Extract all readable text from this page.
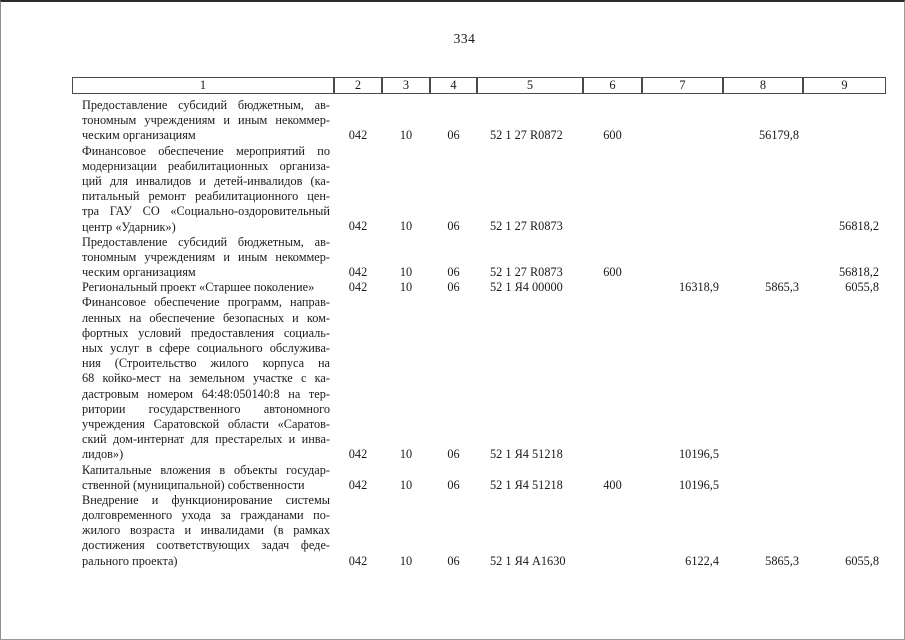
334
1	2	3	4	5	6	7	8	9

Предоставление субсидий бюджетным, ав-
тономным учреждениям и иным некоммер-
ческим организациям	042	10	06	52 1 27 R0872	600		56179,8	

Финансовое обеспечение мероприятий по
модернизации реабилитационных организа-
ций для инвалидов и детей-инвалидов (ка-
питальный ремонт реабилитационного цен-
тра ГАУ СО «Социально-оздоровительный
центр «Ударник»)	042	10	06	52 1 27 R0873				56818,2

Предоставление субсидий бюджетным, ав-
тономным учреждениям и иным некоммер-
ческим организациям	042	10	06	52 1 27 R0873	600			56818,2

Региональный проект «Старшее поколение»	042	10	06	52 1 Я4 00000		16318,9	5865,3	6055,8

Финансовое обеспечение программ, направ-
ленных на обеспечение безопасных и ком-
фортных условий предоставления социаль-
ных услуг в сфере социального обслужива-
ния (Строительство жилого корпуса на
68 койко-мест на земельном участке с ка-
дастровым номером 64:48:050140:8 на тер-
ритории государственного автономного
учреждения Саратовской области «Саратов-
ский дом-интернат для престарелых и инва-
лидов»)	042	10	06	52 1 Я4 51218		10196,5		

Капитальные вложения в объекты государ-
ственной (муниципальной) собственности	042	10	06	52 1 Я4 51218	400	10196,5		

Внедрение и функционирование системы
долговременного ухода за гражданами по-
жилого возраста и инвалидами (в рамках
достижения соответствующих задач феде-
рального проекта)	042	10	06	52 1 Я4 А1630		6122,4	5865,3	6055,8
